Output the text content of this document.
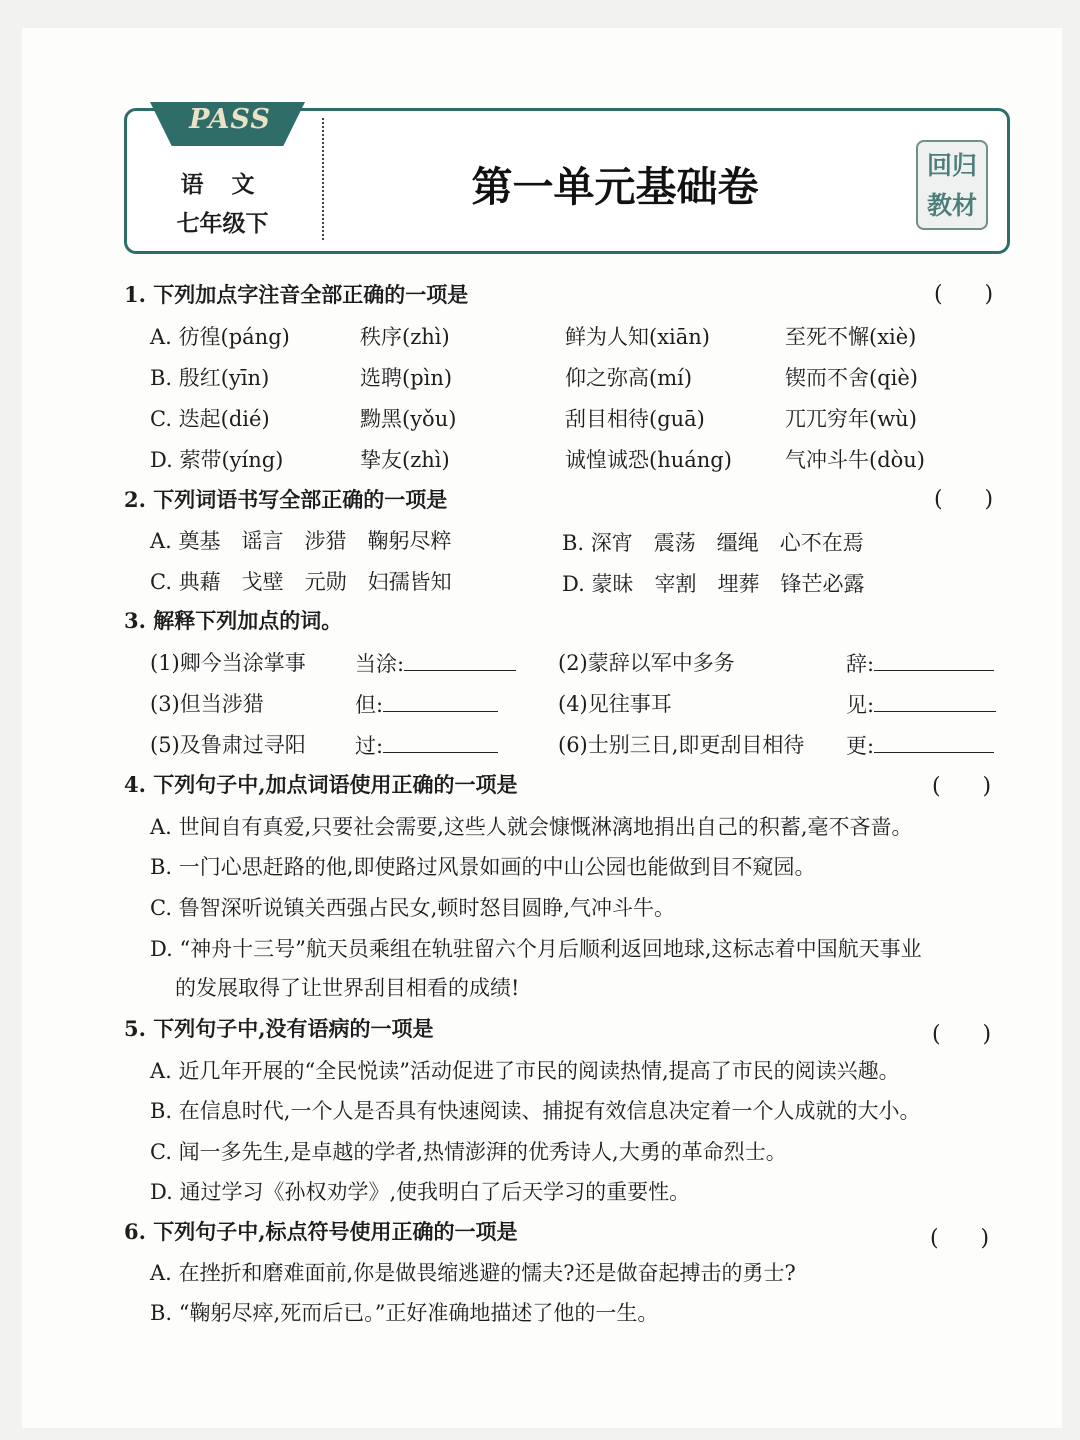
PASS
语 文
七年级下
第一单元基础卷	回归
教材
1. 下列加点字注音全部正确的一项是	(      )
A. 彷徨(páng)	秩序(zhì)	鲜为人知(xiān)	至死不懈(xiè)
B. 殷红(yīn)	选聘(pìn)	仰之弥高(mí)	锲而不舍(qiè)
C. 迭起(dié)	黝黑(yǒu)	刮目相待(guā)	兀兀穷年(wù)
D. 萦带(yíng)	挚友(zhì)	诚惶诚恐(huáng)	气冲斗牛(dòu)
2. 下列词语书写全部正确的一项是	(      )
A. 奠基　谣言　涉猎　鞠躬尽粹	B. 深宵　震荡　缰绳　心不在焉
C. 典藉　戈壁　元勋　妇孺皆知	D. 蒙昧　宰割　埋葬　锋芒必露
3. 解释下列加点的词。
(1)卿今当涂掌事 当涂:	(2)蒙辞以军中多务	辞:
(3)但当涉猎	但:	(4)见往事耳	见:
(5)及鲁肃过寻阳 过:	(6)士别三日,即更刮目相待 更:
4. 下列句子中,加点词语使用正确的一项是	(      )
A. 世间自有真爱,只要社会需要,这些人就会慷慨淋漓地捐出自己的积蓄,毫不吝啬。
B. 一门心思赶路的他,即使路过风景如画的中山公园也能做到目不窥园。
C. 鲁智深听说镇关西强占民女,顿时怒目圆睁,气冲斗牛。
D. “神舟十三号”航天员乘组在轨驻留六个月后顺利返回地球,这标志着中国航天事业
的发展取得了让世界刮目相看的成绩!
5. 下列句子中,没有语病的一项是	(      )
A. 近几年开展的“全民悦读”活动促进了市民的阅读热情,提高了市民的阅读兴趣。
B. 在信息时代,一个人是否具有快速阅读、捕捉有效信息决定着一个人成就的大小。
C. 闻一多先生,是卓越的学者,热情澎湃的优秀诗人,大勇的革命烈士。
D. 通过学习《孙权劝学》,使我明白了后天学习的重要性。
6. 下列句子中,标点符号使用正确的一项是	(      )
A. 在挫折和磨难面前,你是做畏缩逃避的懦夫?还是做奋起搏击的勇士?
B. “鞠躬尽瘁,死而后已。”正好准确地描述了他的一生。
